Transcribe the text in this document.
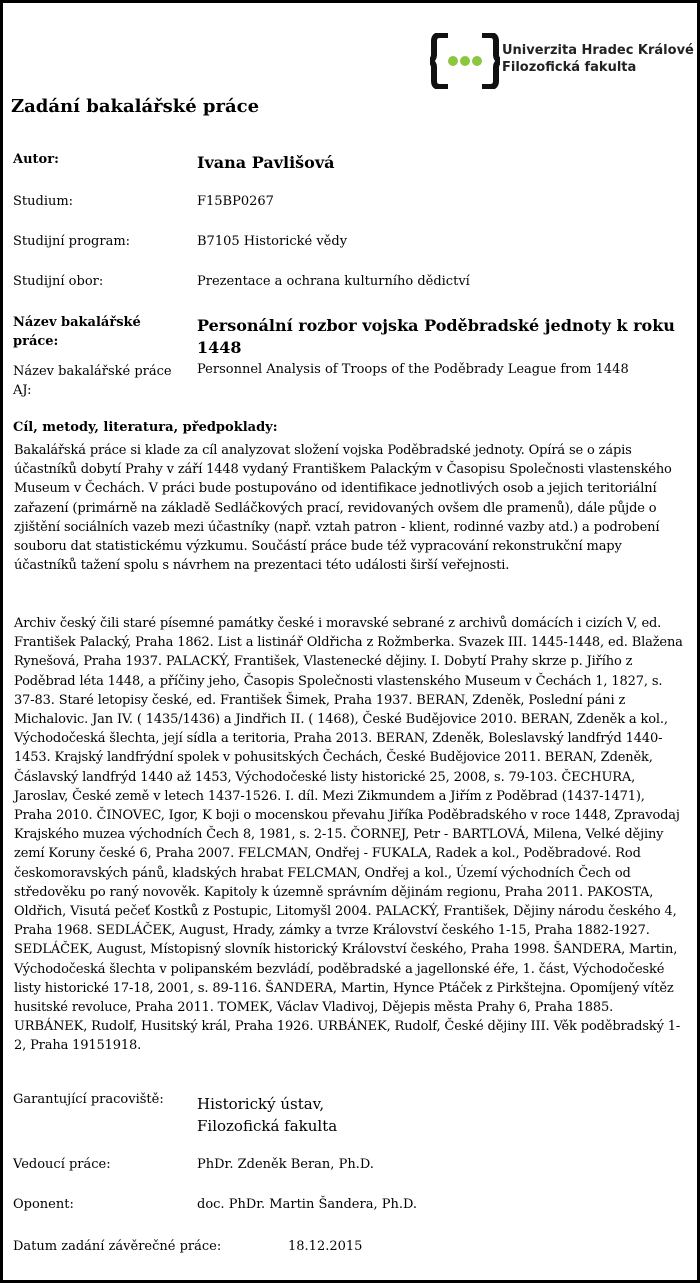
Univerzita Hradec Králové
Filozofická fakulta
Zadání bakalářské práce
Autor:	Ivana Pavlišová
Studium:	F15BP0267
Studijní program:	B7105 Historické vědy
Studijní obor:	Prezentace a ochrana kulturního dědictví
Název bakalářské práce:
Personální rozbor vojska Poděbradské jednoty k roku 1448
Název bakalářské práce AJ:
Personnel Analysis of Troops of the Poděbrady League from 1448
Cíl, metody, literatura, předpoklady:
Bakalářská práce si klade za cíl analyzovat složení vojska Poděbradské jednoty. Opírá se o zápis účastníků dobytí Prahy v září 1448 vydaný Františkem Palackým v Časopisu Společnosti vlastenského Museum v Čechách. V práci bude postupováno od identifikace jednotlivých osob a jejich teritoriální zařazení (primárně na základě Sedláčkových prací, revidovaných ovšem dle pramenů), dále půjde o zjištění sociálních vazeb mezi účastníky (např. vztah patron - klient, rodinné vazby atd.) a podrobení souboru dat statistickému výzkumu. Součástí práce bude též vypracování rekonstrukční mapy účastníků tažení spolu s návrhem na prezentaci této události širší veřejnosti.
Archiv český čili staré písemné památky české i moravské sebrané z archivů domácích i cizích V, ed. František Palacký, Praha 1862. List a listinář Oldřicha z Rožmberka. Svazek III. 1445-1448, ed. Blažena Rynešová, Praha 1937. PALACKÝ, František, Vlastenecké dějiny. I. Dobytí Prahy skrze p. Jiřího z Poděbrad léta 1448, a příčiny jeho, Časopis Společnosti vlastenského Museum v Čechách 1, 1827, s. 37-83. Staré letopisy české, ed. František Šimek, Praha 1937. BERAN, Zdeněk, Poslední páni z Michalovic. Jan IV. ( 1435/1436) a Jindřich II. ( 1468), České Budějovice 2010. BERAN, Zdeněk a kol., Východočeská šlechta, její sídla a teritoria, Praha 2013. BERAN, Zdeněk, Boleslavský landfrýd 1440-1453. Krajský landfrýdní spolek v pohusitských Čechách, České Budějovice 2011. BERAN, Zdeněk, Čáslavský landfrýd 1440 až 1453, Východočeské listy historické 25, 2008, s. 79-103. ČECHURA, Jaroslav, České země v letech 1437-1526. I. díl. Mezi Zikmundem a Jiřím z Poděbrad (1437-1471), Praha 2010. ČINOVEC, Igor, K boji o mocenskou převahu Jiříka Poděbradského v roce 1448, Zpravodaj Krajského muzea východních Čech 8, 1981, s. 2-15. ČORNEJ, Petr - BARTLOVÁ, Milena, Velké dějiny zemí Koruny české 6, Praha 2007. FELCMAN, Ondřej - FUKALA, Radek a kol., Poděbradové. Rod českomoravských pánů, kladských hrabat FELCMAN, Ondřej a kol., Území východních Čech od středověku po raný novověk. Kapitoly k územně správním dějinám regionu, Praha 2011. PAKOSTA, Oldřich, Visutá pečeť Kostků z Postupic, Litomyšl 2004. PALACKÝ, František, Dějiny národu českého 4, Praha 1968. SEDLÁČEK, August, Hrady, zámky a tvrze Království českého 1-15, Praha 1882-1927. SEDLÁČEK, August, Místopisný slovník historický Království českého, Praha 1998. ŠANDERA, Martin, Východočeská šlechta v polipanském bezvládí, poděbradské a jagellonské éře, 1. část, Východočeské listy historické 17-18, 2001, s. 89-116. ŠANDERA, Martin, Hynce Ptáček z Pirkštejna. Opomíjený vítěz husitské revoluce, Praha 2011. TOMEK, Václav Vladivoj, Dějepis města Prahy 6, Praha 1885. URBÁNEK, Rudolf, Husitský král, Praha 1926. URBÁNEK, Rudolf, České dějiny III. Věk poděbradský 1-2, Praha 19151918.
Garantující pracoviště: Historický ústav,
Filozofická fakulta
Vedoucí práce:	PhDr. Zdeněk Beran, Ph.D.
Oponent:	doc. PhDr. Martin Šandera, Ph.D.
Datum zadání závěrečné práce:	18.12.2015
